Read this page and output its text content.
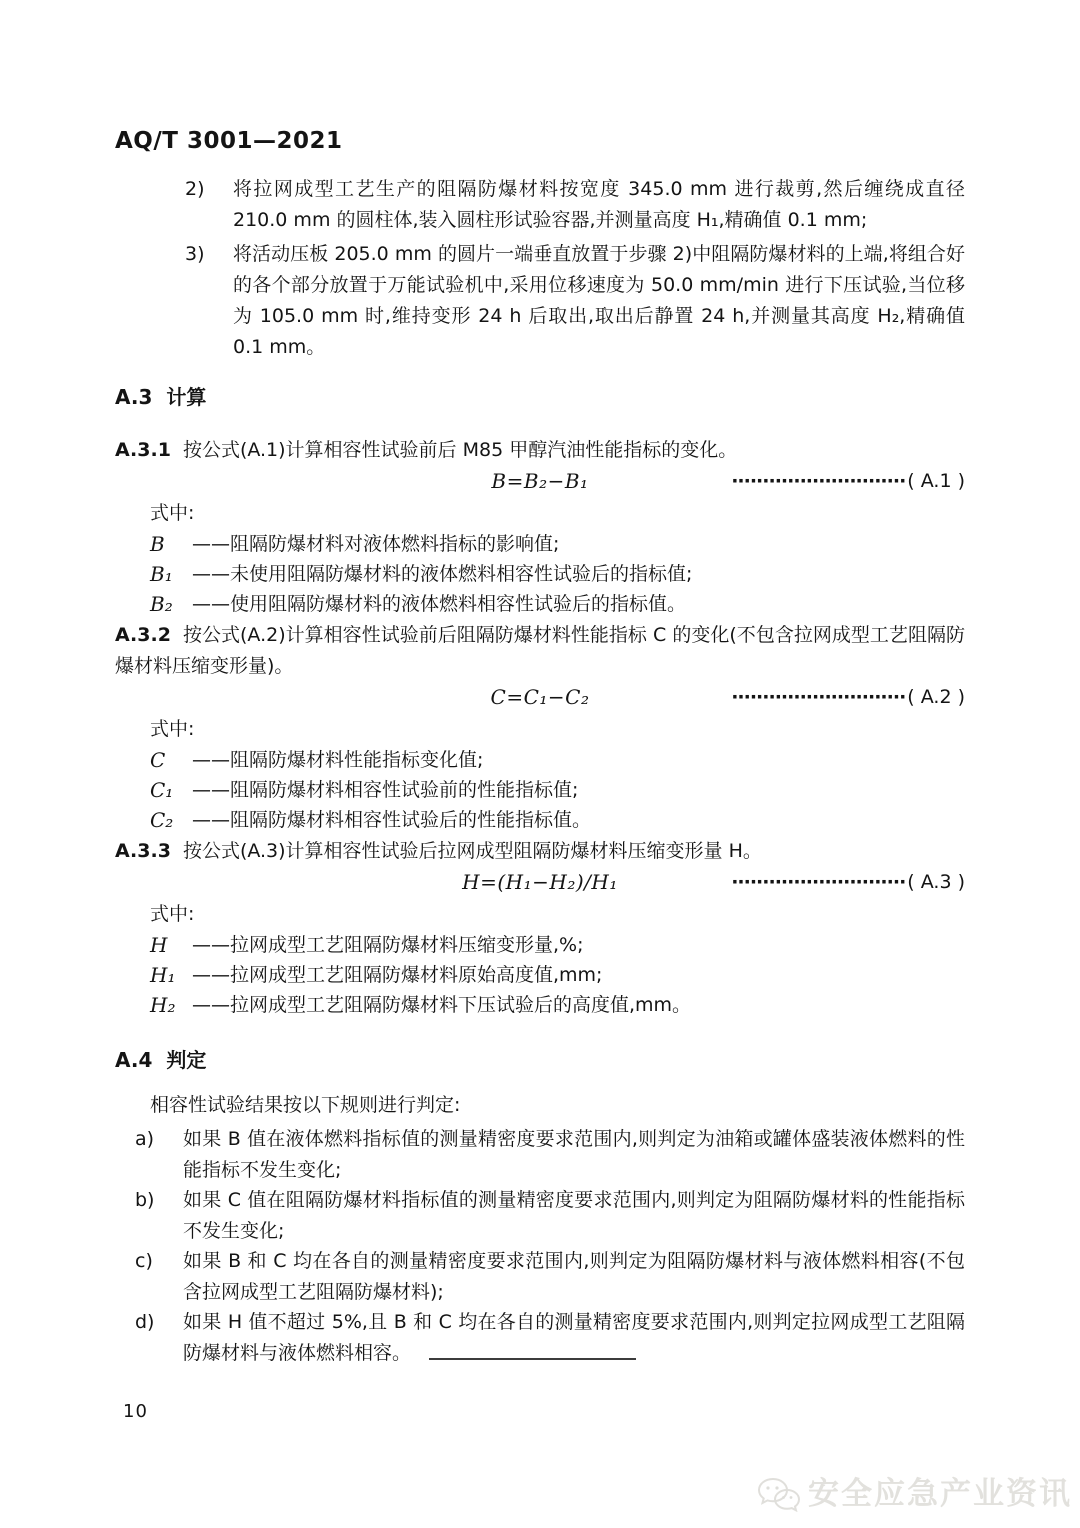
AQ/T 3001—2021
2)	将拉网成型工艺生产的阻隔防爆材料按宽度 345.0 mm 进行裁剪,然后缠绕成直径 210.0 mm 的圆柱体,装入圆柱形试验容器,并测量高度 H₁,精确值 0.1 mm;
3)	将活动压板 205.0 mm 的圆片一端垂直放置于步骤 2)中阻隔防爆材料的上端,将组合好的各个部分放置于万能试验机中,采用位移速度为 50.0 mm/min 进行下压试验,当位移为 105.0 mm 时,维持变形 24 h 后取出,取出后静置 24 h,并测量其高度 H₂,精确值 0.1 mm。
A.3 计算

A.3.1 按公式(A.1)计算相容性试验前后 M85 甲醇汽油性能指标的变化。

B=B₂−B₁	···························· ( A.1 )

式中:

B	——阻隔防爆材料对液体燃料指标的影响值;
B₁	——未使用阻隔防爆材料的液体燃料相容性试验后的指标值;
B₂	——使用阻隔防爆材料的液体燃料相容性试验后的指标值。

A.3.2 按公式(A.2)计算相容性试验前后阻隔防爆材料性能指标 C 的变化(不包含拉网成型工艺阻隔防爆材料压缩变形量)。

C=C₁−C₂	···························· ( A.2 )

式中:

C	——阻隔防爆材料性能指标变化值;
C₁ ——阻隔防爆材料相容性试验前的性能指标值;
C₂ ——阻隔防爆材料相容性试验后的性能指标值。

A.3.3 按公式(A.3)计算相容性试验后拉网成型阻隔防爆材料压缩变形量 H。

H=(H₁−H₂)/H₁	···························· ( A.3 )

式中:

H	——拉网成型工艺阻隔防爆材料压缩变形量,%;
H₁ ——拉网成型工艺阻隔防爆材料原始高度值,mm;
H₂ ——拉网成型工艺阻隔防爆材料下压试验后的高度值,mm。
A.4 判定

相容性试验结果按以下规则进行判定:

a)	如果 B 值在液体燃料指标值的测量精密度要求范围内,则判定为油箱或罐体盛装液体燃料的性能指标不发生变化;
b)	如果 C 值在阻隔防爆材料指标值的测量精密度要求范围内,则判定为阻隔防爆材料的性能指标不发生变化;
c)	如果 B 和 C 均在各自的测量精密度要求范围内,则判定为阻隔防爆材料与液体燃料相容(不包含拉网成型工艺阻隔防爆材料);
d)	如果 H 值不超过 5%,且 B 和 C 均在各自的测量精密度要求范围内,则判定拉网成型工艺阻隔防爆材料与液体燃料相容。
10
安全应急产业资讯
